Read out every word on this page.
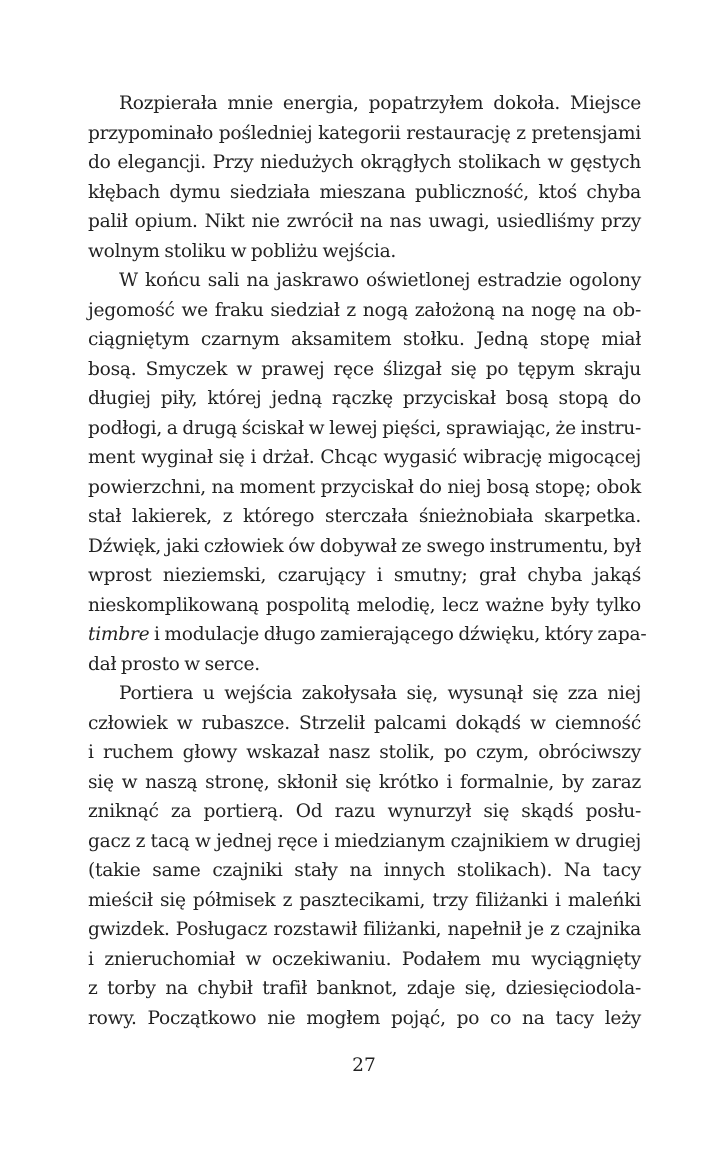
Rozpierała mnie energia, popatrzyłem dokoła. Miejsce
przypominało pośledniej kategorii restaurację z pretensjami
do elegancji. Przy niedużych okrągłych stolikach w gęstych
kłębach dymu siedziała mieszana publiczność, ktoś chyba
palił opium. Nikt nie zwrócił na nas uwagi, usiedliśmy przy
wolnym stoliku w pobliżu wejścia.
W końcu sali na jaskrawo oświetlonej estradzie ogolony
jegomość we fraku siedział z nogą założoną na nogę na ob-
ciągniętym czarnym aksamitem stołku. Jedną stopę miał
bosą. Smyczek w prawej ręce ślizgał się po tępym skraju
długiej piły, której jedną rączkę przyciskał bosą stopą do
podłogi, a drugą ściskał w lewej pięści, sprawiając, że instru-
ment wyginał się i drżał. Chcąc wygasić wibrację migocącej
powierzchni, na moment przyciskał do niej bosą stopę; obok
stał lakierek, z którego sterczała śnieżnobiała skarpetka.
Dźwięk, jaki człowiek ów dobywał ze swego instrumentu, był
wprost nieziemski, czarujący i smutny; grał chyba jakąś
nieskomplikowaną pospolitą melodię, lecz ważne były tylko
timbre i modulacje długo zamierającego dźwięku, który zapa-
dał prosto w serce.
Portiera u wejścia zakołysała się, wysunął się zza niej
człowiek w rubaszce. Strzelił palcami dokądś w ciemność
i ruchem głowy wskazał nasz stolik, po czym, obróciwszy
się w naszą stronę, skłonił się krótko i formalnie, by zaraz
zniknąć za portierą. Od razu wynurzył się skądś posłu-
gacz z tacą w jednej ręce i miedzianym czajnikiem w drugiej
(takie same czajniki stały na innych stolikach). Na tacy
mieścił się półmisek z pasztecikami, trzy filiżanki i maleńki
gwizdek. Posługacz rozstawił filiżanki, napełnił je z czajnika
i znieruchomiał w oczekiwaniu. Podałem mu wyciągnięty
z torby na chybił trafił banknot, zdaje się, dziesięciodola-
rowy. Początkowo nie mogłem pojąć, po co na tacy leży
27
